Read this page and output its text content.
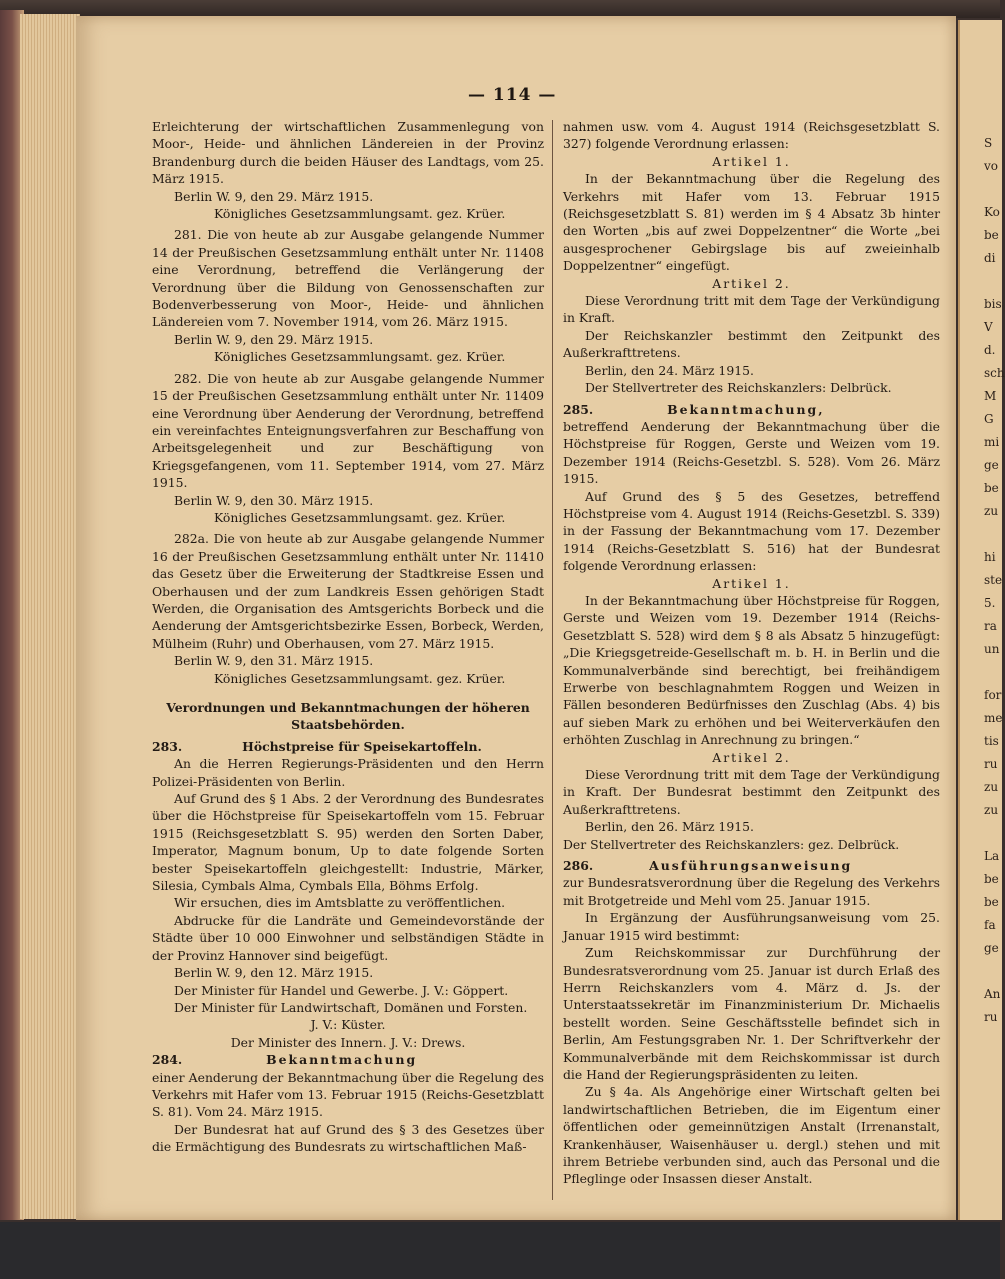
S
vo

Ko
be
di

bis
V
d.
sch
M
G
mi
ge
be
zu

hi
ste
5.
ra
un

for
me
tis
ru
zu
zu

La
be
be
fa
ge

An
ru
— 114 —

Erleichterung der wirtschaftlichen Zusammenlegung von Moor-, Heide- und ähnlichen Ländereien in der Provinz Brandenburg durch die beiden Häuser des Landtags, vom 25. März 1915.

Berlin W. 9, den 29. März 1915.

Königliches Gesetzsammlungsamt. gez. Krüer.

281. Die von heute ab zur Ausgabe gelangende Nummer 14 der Preußischen Gesetzsammlung enthält unter Nr. 11408 eine Verordnung, betreffend die Verlängerung der Verordnung über die Bildung von Genossenschaften zur Bodenverbesserung von Moor-, Heide- und ähnlichen Ländereien vom 7. November 1914, vom 26. März 1915.

Berlin W. 9, den 29. März 1915.

Königliches Gesetzsammlungsamt. gez. Krüer.

282. Die von heute ab zur Ausgabe gelangende Nummer 15 der Preußischen Gesetzsammlung enthält unter Nr. 11409 eine Verordnung über Aenderung der Verordnung, betreffend ein vereinfachtes Enteignungsverfahren zur Beschaffung von Arbeitsgelegenheit und zur Beschäftigung von Kriegsgefangenen, vom 11. September 1914, vom 27. März 1915.

Berlin W. 9, den 30. März 1915.

Königliches Gesetzsammlungsamt. gez. Krüer.

282a. Die von heute ab zur Ausgabe gelangende Nummer 16 der Preußischen Gesetzsammlung enthält unter Nr. 11410 das Gesetz über die Erweiterung der Stadtkreise Essen und Oberhausen und der zum Landkreis Essen gehörigen Stadt Werden, die Organisation des Amtsgerichts Borbeck und die Aenderung der Amtsgerichtsbezirke Essen, Borbeck, Werden, Mülheim (Ruhr) und Oberhausen, vom 27. März 1915.

Berlin W. 9, den 31. März 1915.

Königliches Gesetzsammlungsamt. gez. Krüer.

Verordnungen und Bekanntmachungen der höheren Staatsbehörden.

283.	Höchstpreise für Speisekartoffeln.

An die Herren Regierungs-Präsidenten und den Herrn Polizei-Präsidenten von Berlin.

Auf Grund des § 1 Abs. 2 der Verordnung des Bundesrates über die Höchstpreise für Speisekartoffeln vom 15. Februar 1915 (Reichsgesetzblatt S. 95) werden den Sorten Daber, Imperator, Magnum bonum, Up to date folgende Sorten bester Speisekartoffeln gleichgestellt: Industrie, Märker, Silesia, Cymbals Alma, Cymbals Ella, Böhms Erfolg.

Wir ersuchen, dies im Amtsblatte zu veröffentlichen.

Abdrucke für die Landräte und Gemeindevorstände der Städte über 10 000 Einwohner und selbständigen Städte in der Provinz Hannover sind beigefügt.

Berlin W. 9, den 12. März 1915.

Der Minister für Handel und Gewerbe. J. V.: Göppert.

Der Minister für Landwirtschaft, Domänen und Forsten.

J. V.: Küster.

Der Minister des Innern. J. V.: Drews.

284.	Bekanntmachung

einer Aenderung der Bekanntmachung über die Regelung des Verkehrs mit Hafer vom 13. Februar 1915 (Reichs-Gesetzblatt S. 81). Vom 24. März 1915.

Der Bundesrat hat auf Grund des § 3 des Gesetzes über die Ermächtigung des Bundesrats zu wirtschaftlichen Maß-

nahmen usw. vom 4. August 1914 (Reichsgesetzblatt S. 327) folgende Verordnung erlassen:

Artikel 1.

In der Bekanntmachung über die Regelung des Verkehrs mit Hafer vom 13. Februar 1915 (Reichsgesetzblatt S. 81) werden im § 4 Absatz 3b hinter den Worten „bis auf zwei Doppelzentner“ die Worte „bei ausgesprochener Gebirgslage bis auf zweieinhalb Doppelzentner“ eingefügt.

Artikel 2.

Diese Verordnung tritt mit dem Tage der Verkündigung in Kraft.

Der Reichskanzler bestimmt den Zeitpunkt des Außerkrafttretens.

Berlin, den 24. März 1915.

Der Stellvertreter des Reichskanzlers: Delbrück.

285.	Bekanntmachung,

betreffend Aenderung der Bekanntmachung über die Höchstpreise für Roggen, Gerste und Weizen vom 19. Dezember 1914 (Reichs-Gesetzbl. S. 528). Vom 26. März 1915.

Auf Grund des § 5 des Gesetzes, betreffend Höchstpreise vom 4. August 1914 (Reichs-Gesetzbl. S. 339) in der Fassung der Bekanntmachung vom 17. Dezember 1914 (Reichs-Gesetzblatt S. 516) hat der Bundesrat folgende Verordnung erlassen:

Artikel 1.

In der Bekanntmachung über Höchstpreise für Roggen, Gerste und Weizen vom 19. Dezember 1914 (Reichs-Gesetzblatt S. 528) wird dem § 8 als Absatz 5 hinzugefügt: „Die Kriegsgetreide-Gesellschaft m. b. H. in Berlin und die Kommunalverbände sind berechtigt, bei freihändigem Erwerbe von beschlagnahmtem Roggen und Weizen in Fällen besonderen Bedürfnisses den Zuschlag (Abs. 4) bis auf sieben Mark zu erhöhen und bei Weiterverkäufen den erhöhten Zuschlag in Anrechnung zu bringen.“

Artikel 2.

Diese Verordnung tritt mit dem Tage der Verkündigung in Kraft. Der Bundesrat bestimmt den Zeitpunkt des Außerkrafttretens.

Berlin, den 26. März 1915.

Der Stellvertreter des Reichskanzlers: gez. Delbrück.

286.	Ausführungsanweisung

zur Bundesratsverordnung über die Regelung des Verkehrs mit Brotgetreide und Mehl vom 25. Januar 1915.

In Ergänzung der Ausführungsanweisung vom 25. Januar 1915 wird bestimmt:

Zum Reichskommissar zur Durchführung der Bundesratsverordnung vom 25. Januar ist durch Erlaß des Herrn Reichskanzlers vom 4. März d. Js. der Unterstaatssekretär im Finanzministerium Dr. Michaelis bestellt worden. Seine Geschäftsstelle befindet sich in Berlin, Am Festungsgraben Nr. 1. Der Schriftverkehr der Kommunalverbände mit dem Reichskommissar ist durch die Hand der Regierungspräsidenten zu leiten.

Zu § 4a. Als Angehörige einer Wirtschaft gelten bei landwirtschaftlichen Betrieben, die im Eigentum einer öffentlichen oder gemeinnützigen Anstalt (Irrenanstalt, Krankenhäuser, Waisenhäuser u. dergl.) stehen und mit ihrem Betriebe verbunden sind, auch das Personal und die Pfleglinge oder Insassen dieser Anstalt.
